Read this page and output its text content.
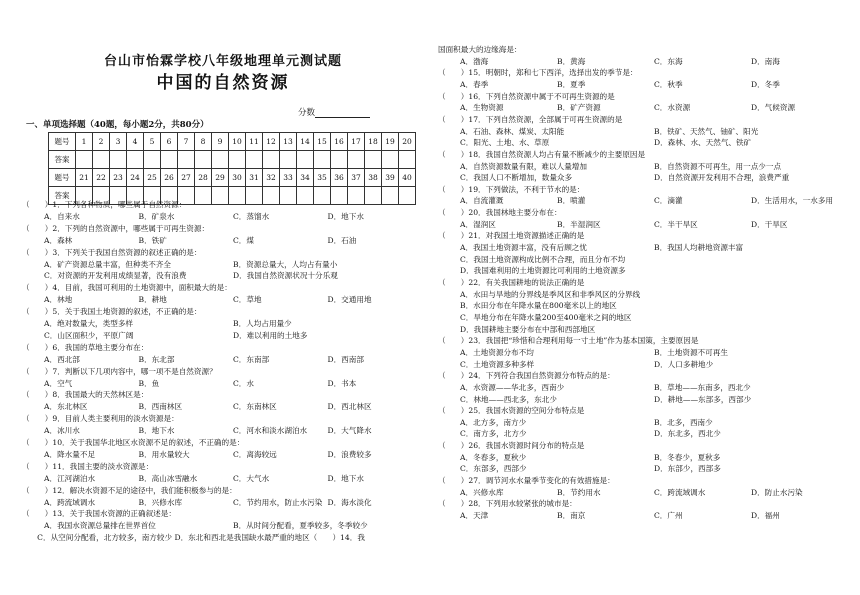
台山市怡霖学校八年级地理单元测试题
中国的自然资源
分数
一、单项选择题（40题，每小题2分，共80分）
题号	1	2	3	4	5	6	7	8	9	10	11	12	13	14	15	16	17	18	19	20
答案																				
题号	21	22	23	24	25	26	27	28	29	30	31	32	33	34	35	36	37	38	39	40
答案																				
（　　）1．下列各种物质，哪些属于自然资源：
A．自来水	B．矿泉水	C．蒸馏水	D．地下水
（　　）2．下列的自然资源中，哪些属于可再生资源：
A．森林	B．铁矿	C．煤	D．石油
（　　）3．下列关于我国自然资源的叙述正确的是：
A．矿产资源总量丰富，但种类不齐全	B．资源总量大，人均占有量小
C．对资源的开发利用成绩显著，没有浪费	D．我国自然资源状况十分乐观
（　　）4．目前，我国可利用的土地资源中，面积最大的是：
A．林地	B．耕地	C．草地	D．交通用地
（　　）5．关于我国土地资源的叙述，不正确的是：
A．绝对数量大，类型多样	B．人均占用量少
C．山区面积少，平原广阔	D．难以利用的土地多
（　　）6．我国的草地主要分布在：
A．西北部	B．东北部	C．东南部	D．西南部
（　　）7．判断以下几项内容中，哪一项不是自然资源？
A．空气	B．鱼	C．水	D．书本
（　　）8．我国最大的天然林区是：
A．东北林区	B．西南林区	C．东南林区	D．西北林区
（　　）9．目前人类主要利用的淡水资源是：
A．冰川水	B．地下水	C．河水和淡水湖泊水	D．大气降水
（　　）10．关于我国华北地区水资源不足的叙述，不正确的是：
A．降水量不足	B．用水量较大	C．离海较远	D．浪费较多
（　　）11．我国主要的淡水资源是：
A．江河湖泊水	B．高山冰雪融水	C．大气水	D．地下水
（　　）12．解决水资源不足的途径中，我们能积极参与的是：
A．跨流域调水	B．兴修水库	C．节约用水，防止水污染 D．海水淡化
（　　）13．关于我国水资源的正确叙述是：
A．我国水资源总量排在世界首位	B．从时间分配看，夏季较多，冬季较少
　　C．从空间分配看，北方较多，南方较少 D．东北和西北是我国缺水最严重的地区（　　）14．我
国面积最大的边缘海是：
A．渤海	B．黄海	C．东海	D．南海
（　　）15．明朝时，郑和七下西洋，选择出发的季节是：
A．春季	B．夏季	C．秋季	D．冬季
（　　）16．下列自然资源中属于不可再生资源的是
A．生物资源	B．矿产资源	C．水资源	D．气候资源
（　　）17．下列自然资源，全部属于可再生资源的是
A．石油、森林、煤炭、太阳能	B．铁矿、天然气、铀矿、阳光
C．阳光、土地、水、草原	D．森林、水、天然气、铁矿
（　　）18．我国自然资源人均占有量不断减少的主要原因是
A．自然资源数量有限，难以人量增加	B．自然资源不可再生，用一点少一点
C．我国人口不断增加，数量众多	D．自然资源开发利用不合理，浪费严重
（　　）19．下列做法，不利于节水的是：
A．自流灌溉	B．喷灌	C．滴灌	D．生活用水，一水多用
（　　）20．我国林地主要分布在：
A．湿润区	B．半湿润区	C．半干旱区	D．干旱区
（　　）21．对我国土地资源描述正确的是
A．我国土地资源丰富，没有后顾之忧	B．我国人均耕地资源丰富
C．我国土地资源构成比例不合理，而且分布不均
D．我国难利用的土地资源比可利用的土地资源多
（　　）22．有关我国耕地的说法正确的是
A．水田与旱地的分界线是季风区和非季风区的分界线
B．水田分布在年降水量在800毫米以上的地区
C．旱地分布在年降水量200至400毫米之间的地区
D．我国耕地主要分布在中部和西部地区
（　　）23．我国把“珍惜和合理利用每一寸土地”作为基本国策，主要原因是
A．土地资源分布不均	B．土地资源不可再生
C．土地资源多种多样	D．人口多耕地少
（　　）24．下列符合我国自然资源分布特点的是：
A．水资源——华北多，西南少	B．草地——东南多，西北少
C．林地——西北多，东北少	D．耕地——东部多，西部少
（　　）25．我国水资源的空间分布特点是
A．北方多，南方少	B．北多，西南少
C．南方多，北方少	D．东北多，西北少
（　　）26．我国水资源时间分布的特点是
A．冬春多，夏秋少	B．冬春少，夏秋多
C．东部多，西部少	D．东部少，西部多
（　　）27．调节河水水量季节变化的有效措施是：
A．兴修水库	B．节约用水	C．跨流域调水	D．防止水污染
（　　）28．下列用水较紧张的城市是：
A．天津	B．南京	C．广州	D．福州
